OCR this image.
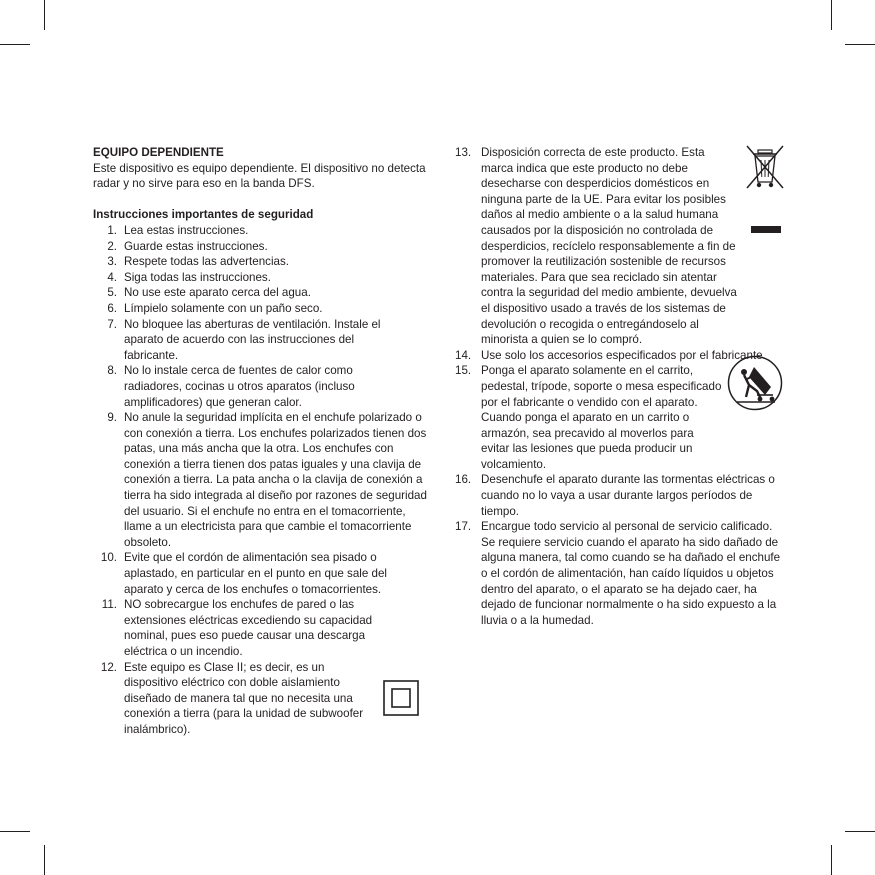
EQUIPO DEPENDIENTE

Este dispositivo es equipo dependiente. El dispositivo no detecta radar y no sirve para eso en la banda DFS.

Instrucciones importantes de seguridad

1. Lea estas instrucciones.
2. Guarde estas instrucciones.
3. Respete todas las advertencias.
4. Siga todas las instrucciones.
5. No use este aparato cerca del agua.
6. Límpielo solamente con un paño seco.
7. No bloquee las aberturas de ventilación. Instale el aparato de acuerdo con las instrucciones del fabricante.
8. No lo instale cerca de fuentes de calor como radiadores, cocinas u otros aparatos (incluso amplificadores) que generan calor.
9. No anule la seguridad implícita en el enchufe polarizado o con conexión a tierra. Los enchufes polarizados tienen dos patas, una más ancha que la otra. Los enchufes con conexión a tierra tienen dos patas iguales y una clavija de conexión a tierra. La pata ancha o la clavija de conexión a tierra ha sido integrada al diseño por razones de seguridad del usuario. Si el enchufe no entra en el tomacorriente, llame a un electricista para que cambie el tomacorriente obsoleto.
10. Evite que el cordón de alimentación sea pisado o aplastado, en particular en el punto en que sale del aparato y cerca de los enchufes o tomacorrientes.
11. NO sobrecargue los enchufes de pared o las extensiones eléctricas excediendo su capacidad nominal, pues eso puede causar una descarga eléctrica o un incendio.
12. Este equipo es Clase II; es decir, es un dispositivo eléctrico con doble aislamiento diseñado de manera tal que no necesita una conexión a tierra (para la unidad de subwoofer inalámbrico).
13. Disposición correcta de este producto. Esta marca indica que este producto no debe desecharse con desperdicios domésticos en ninguna parte de la UE. Para evitar los posibles daños al medio ambiente o a la salud humana causados por la disposición no controlada de desperdicios, recíclelo responsablemente a fin de promover la reutilización sostenible de recursos materiales. Para que sea reciclado sin atentar contra la seguridad del medio ambiente, devuelva el dispositivo usado a través de los sistemas de devolución o recogida o entregándoselo al minorista a quien se lo compró.
14. Use solo los accesorios especificados por el fabricante.
15. Ponga el aparato solamente en el carrito, pedestal, trípode, soporte o mesa especificado por el fabricante o vendido con el aparato. Cuando ponga el aparato en un carrito o armazón, sea precavido al moverlos para evitar las lesiones que pueda producir un volcamiento.
16. Desenchufe el aparato durante las tormentas eléctricas o cuando no lo vaya a usar durante largos períodos de tiempo.
17. Encargue todo servicio al personal de servicio calificado. Se requiere servicio cuando el aparato ha sido dañado de alguna manera, tal como cuando se ha dañado el enchufe o el cordón de alimentación, han caído líquidos u objetos dentro del aparato, o el aparato se ha dejado caer, ha dejado de funcionar normalmente o ha sido expuesto a la lluvia o a la humedad.
